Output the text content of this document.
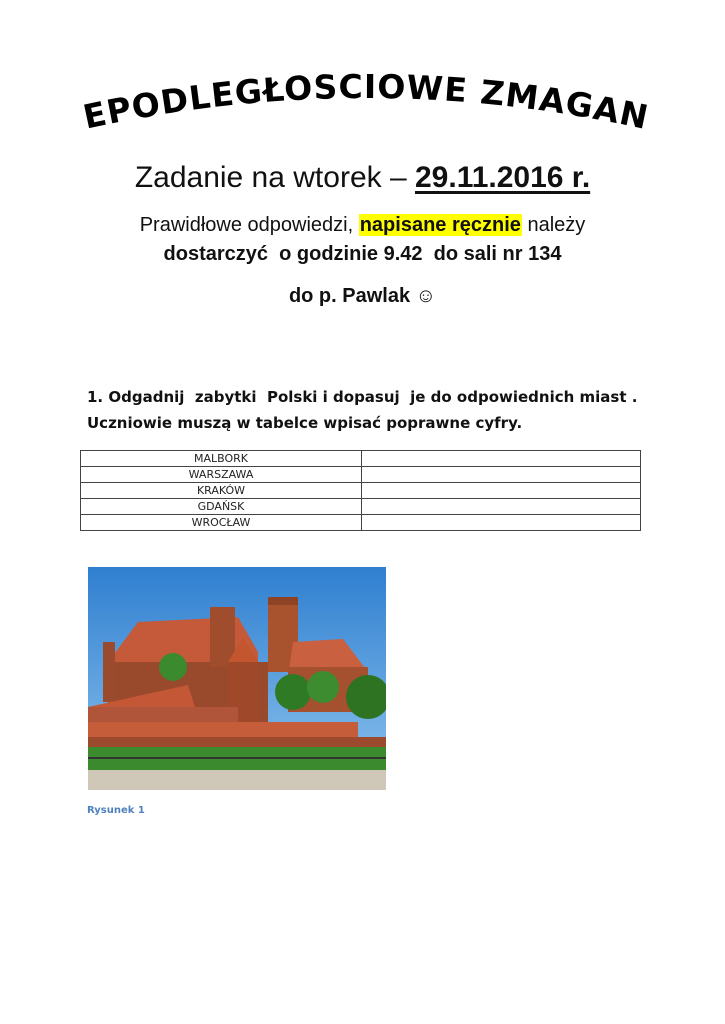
NIEPODLEGŁOSCIOWE ZMAGANIA
Zadanie na wtorek – 29.11.2016 r.
Prawidłowe odpowiedzi, napisane ręcznie należy
dostarczyć  o godzinie 9.42  do sali nr 134
do p. Pawlak ☺
1. Odgadnij  zabytki  Polski i dopasuj  je do odpowiednich miast .
Uczniowie muszą w tabelce wpisać poprawne cyfry.
MALBORK	
WARSZAWA	
KRAKÓW	
GDAŃSK	
WROCŁAW	
Rysunek 1
